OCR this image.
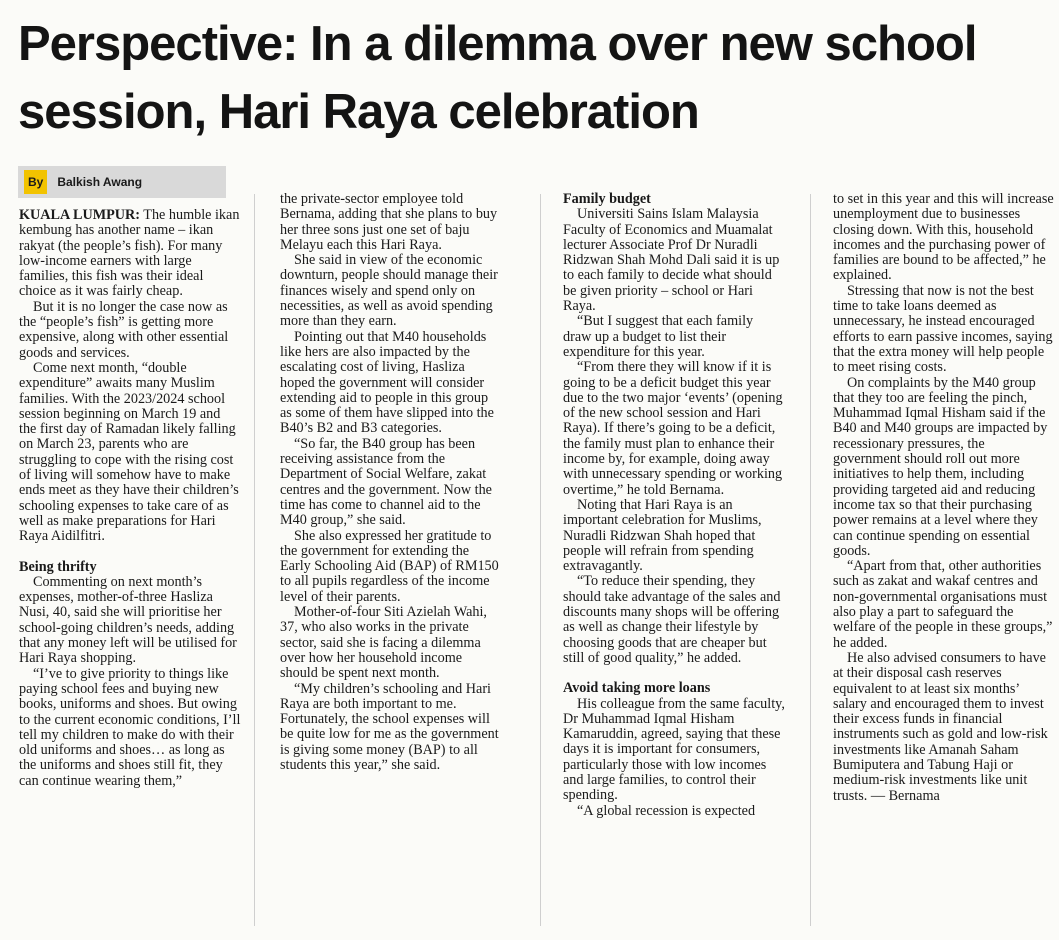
Perspective: In a dilemma over new school session, Hari Raya celebration
By	Balkish Awang

KUALA LUMPUR: The humble ikan kembung has another name – ikan rakyat (the people’s fish). For many low-income earners with large families, this fish was their ideal choice as it was fairly cheap.

But it is no longer the case now as the “people’s fish” is getting more expensive, along with other essential goods and services.

Come next month, “double expenditure” awaits many Muslim families. With the 2023/2024 school session beginning on March 19 and the first day of Ramadan likely falling on March 23, parents who are struggling to cope with the rising cost of living will somehow have to make ends meet as they have their children’s schooling expenses to take care of as well as make preparations for Hari Raya Aidilfitri.

Being thrifty

Commenting on next month’s expenses, mother-of-three Hasliza Nusi, 40, said she will prioritise her school-going children’s needs, adding that any money left will be utilised for Hari Raya shopping.

“I’ve to give priority to things like paying school fees and buying new books, uniforms and shoes. But owing to the current economic conditions, I’ll tell my children to make do with their old uniforms and shoes… as long as the uniforms and shoes still fit, they can continue wearing them,”

the private-sector employee told Bernama, adding that she plans to buy her three sons just one set of baju Melayu each this Hari Raya.

She said in view of the economic downturn, people should manage their finances wisely and spend only on necessities, as well as avoid spending more than they earn.

Pointing out that M40 households like hers are also impacted by the escalating cost of living, Hasliza hoped the government will consider extending aid to people in this group as some of them have slipped into the B40’s B2 and B3 categories.

“So far, the B40 group has been receiving assistance from the Department of Social Welfare, zakat centres and the government. Now the time has come to channel aid to the M40 group,” she said.

She also expressed her gratitude to the government for extending the Early Schooling Aid (BAP) of RM150 to all pupils regardless of the income level of their parents.

Mother-of-four Siti Azielah Wahi, 37, who also works in the private sector, said she is facing a dilemma over how her household income should be spent next month.

“My children’s schooling and Hari Raya are both important to me. Fortunately, the school expenses will be quite low for me as the government is giving some money (BAP) to all students this year,” she said.

Family budget

Universiti Sains Islam Malaysia Faculty of Economics and Muamalat lecturer Associate Prof Dr Nuradli Ridzwan Shah Mohd Dali said it is up to each family to decide what should be given priority – school or Hari Raya.

“But I suggest that each family draw up a budget to list their expenditure for this year.

“From there they will know if it is going to be a deficit budget this year due to the two major ‘events’ (opening of the new school session and Hari Raya). If there’s going to be a deficit, the family must plan to enhance their income by, for example, doing away with unnecessary spending or working overtime,” he told Bernama.

Noting that Hari Raya is an important celebration for Muslims, Nuradli Ridzwan Shah hoped that people will refrain from spending extravagantly.

“To reduce their spending, they should take advantage of the sales and discounts many shops will be offering as well as change their lifestyle by choosing goods that are cheaper but still of good quality,” he added.

Avoid taking more loans

His colleague from the same faculty, Dr Muhammad Iqmal Hisham Kamaruddin, agreed, saying that these days it is important for consumers, particularly those with low incomes and large families, to control their spending.

“A global recession is expected

to set in this year and this will increase unemployment due to businesses closing down. With this, household incomes and the purchasing power of families are bound to be affected,” he explained.

Stressing that now is not the best time to take loans deemed as unnecessary, he instead encouraged efforts to earn passive incomes, saying that the extra money will help people to meet rising costs.

On complaints by the M40 group that they too are feeling the pinch, Muhammad Iqmal Hisham said if the B40 and M40 groups are impacted by recessionary pressures, the government should roll out more initiatives to help them, including providing targeted aid and reducing income tax so that their purchasing power remains at a level where they can continue spending on essential goods.

“Apart from that, other authorities such as zakat and wakaf centres and non-governmental organisations must also play a part to safeguard the welfare of the people in these groups,” he added.

He also advised consumers to have at their disposal cash reserves equivalent to at least six months’ salary and encouraged them to invest their excess funds in financial instruments such as gold and low-risk investments like Amanah Saham Bumiputera and Tabung Haji or medium-risk investments like unit trusts. — Bernama
